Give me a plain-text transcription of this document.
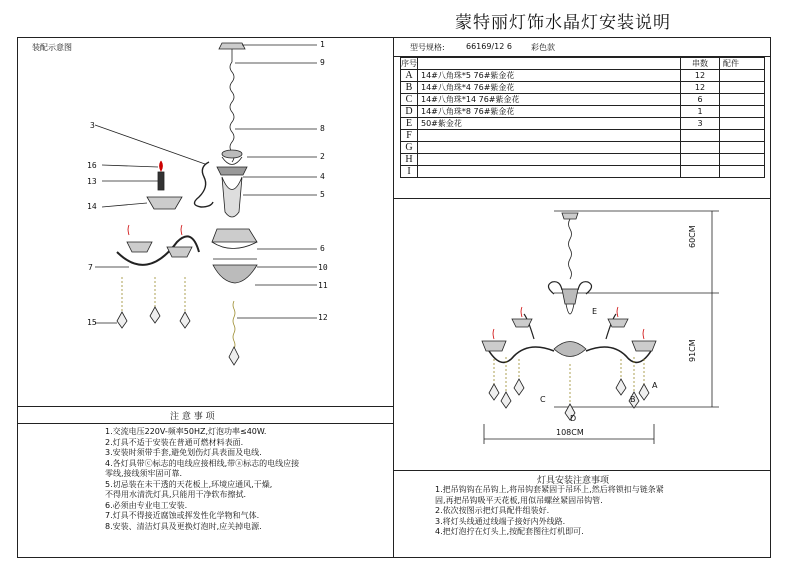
蒙特丽灯饰水晶灯安装说明
装配示意图
3
16
13
14
7
15
1
9
8
2
4
5
6
10
11
12
注 意 事 项
1.交流电压220V-频率50HZ,灯泡功率≤40W.
2.灯具不适于安装在普通可燃材料表面.
3.安装时须带手套,避免划伤灯具表面及电线.
4.各灯具带ⓒ标志的电线应接相线,带ⓐ标志的电线应接
零线,接线须牢固可靠.
5.切忌装在未干透的天花板上,环境应通风,干燥,
不得用水清洗灯具,只能用干净软布擦拭.
6.必须由专业电工安装.
7.灯具不得接近腐蚀或挥发性化学物和气体.
8.安装、清洁灯具及更换灯泡时,应关掉电源.
型号规格:	66169/12 6 彩色款
序号		串数	配件
A	14#八角珠*5 76#紫金花	12	
B	14#八角珠*4 76#紫金花	12	
C	14#八角珠*14 76#紫金花	6	
D	14#八角珠*8 76#紫金花	1	
E	50#紫金花	3	
F			
G			
H			
I			
60CM
91CM
108CM
E
A
B
C
D
灯具安装注意事项
1.把吊钩钩在吊钩上,将吊钩套紧固于吊环上,然后将锁扣与链条紧
固,再把吊钩吸平天花板,用似吊螺丝紧固吊钩管.
2.依次按图示把灯具配件组装好.
3.将灯头线通过线端子接好内外线路.
4.把灯泡拧在灯头上,按配套图往灯机即可.
